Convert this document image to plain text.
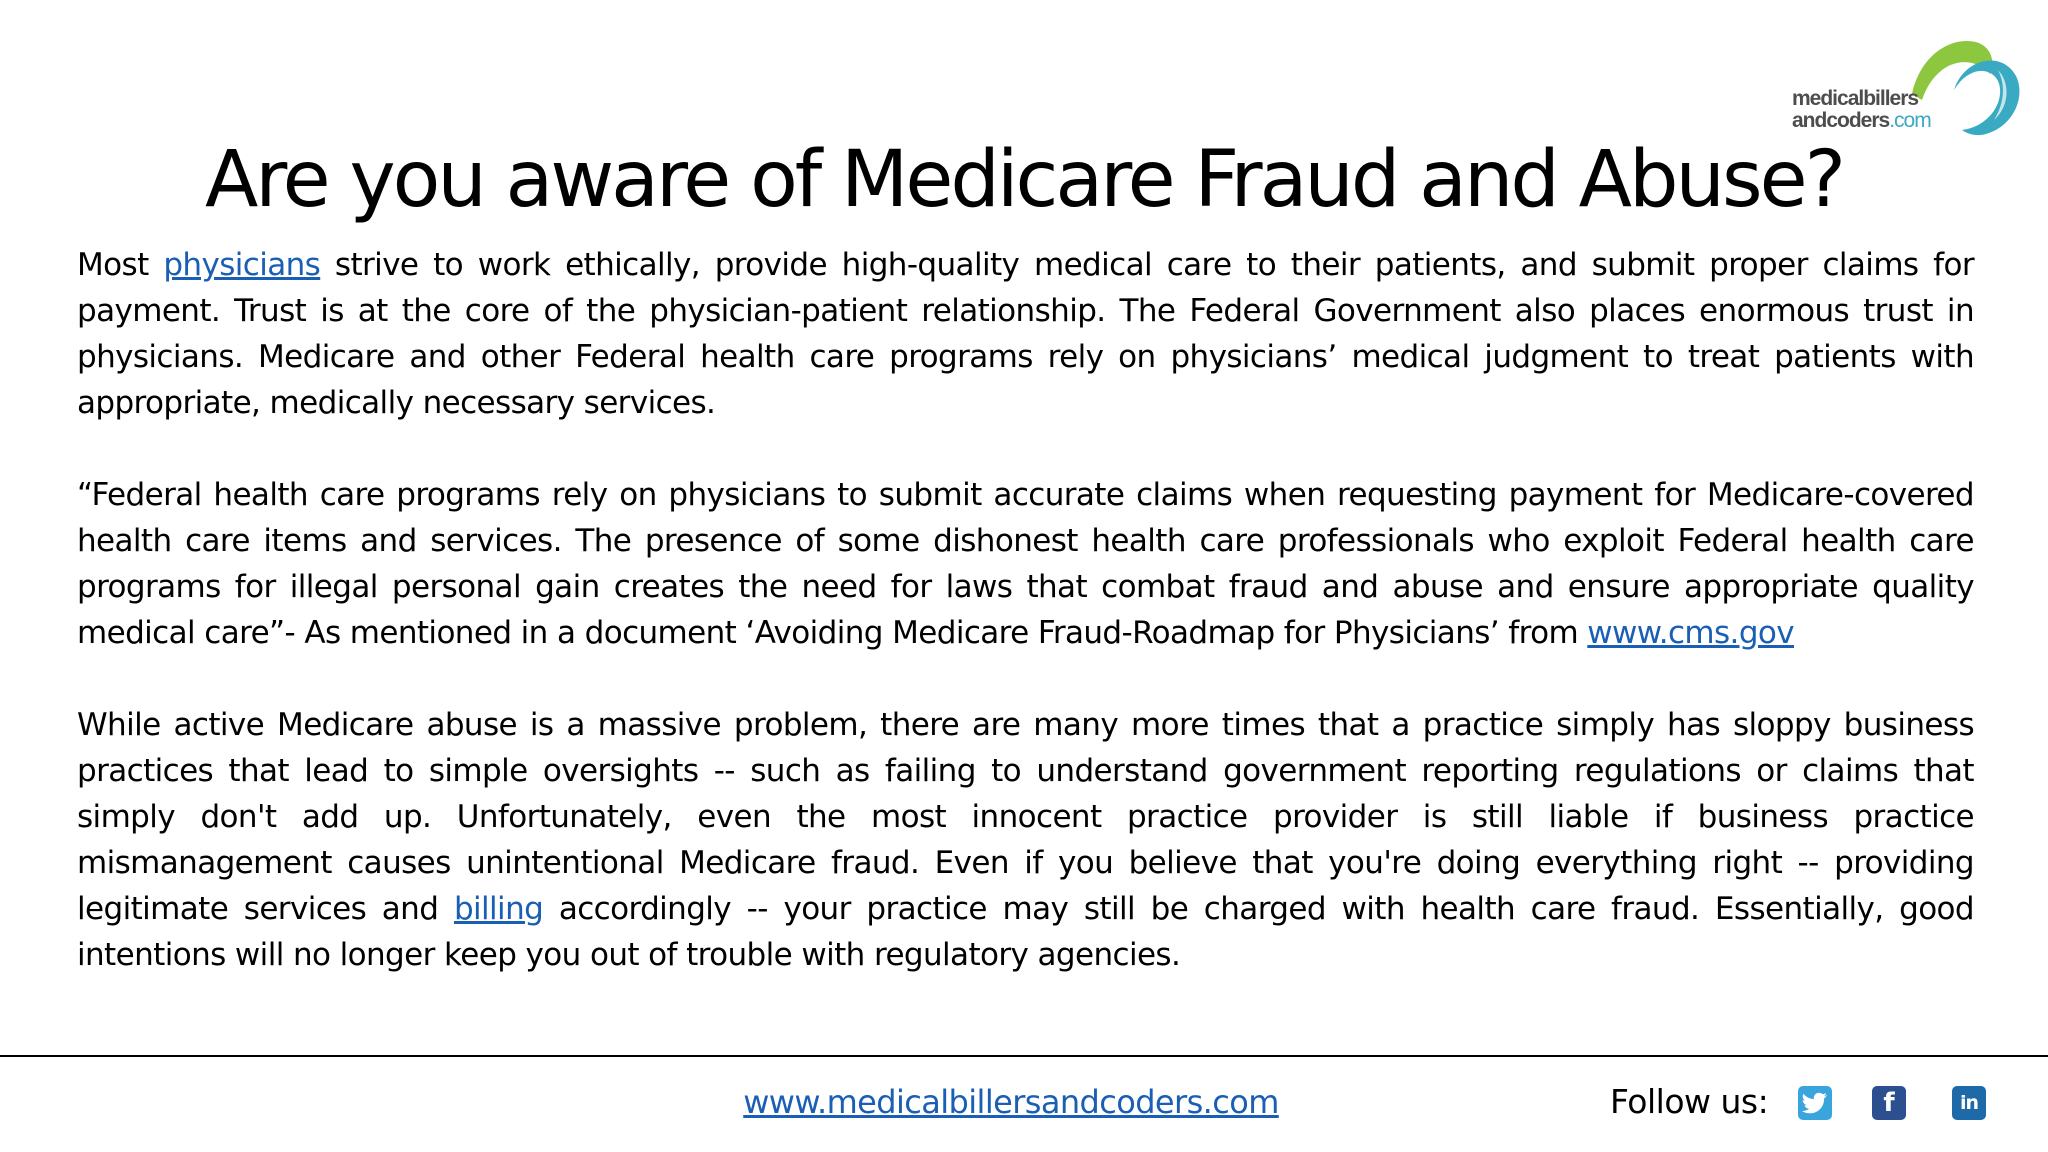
medicalbillers
andcoders.com
Are you aware of Medicare Fraud and Abuse?

Most physicians strive to work ethically, provide high-quality medical care to their patients, and submit proper claims for payment. Trust is at the core of the physician-patient relationship. The Federal Government also places enormous trust in physicians. Medicare and other Federal health care programs rely on physicians’ medical judgment to treat patients with appropriate, medically necessary services.

“Federal health care programs rely on physicians to submit accurate claims when requesting payment for Medicare-covered health care items and services. The presence of some dishonest health care professionals who exploit Federal health care programs for illegal personal gain creates the need for laws that combat fraud and abuse and ensure appropriate quality medical care”- As mentioned in a document ‘Avoiding Medicare Fraud-Roadmap for Physicians’ from www.cms.gov

While active Medicare abuse is a massive problem, there are many more times that a practice simply has sloppy business practices that lead to simple oversights -- such as failing to understand government reporting regulations or claims that simply don't add up. Unfortunately, even the most innocent practice provider is still liable if business practice mismanagement causes unintentional Medicare fraud. Even if you believe that you're doing everything right -- providing legitimate services and billing accordingly -- your practice may still be charged with health care fraud. Essentially, good intentions will no longer keep you out of trouble with regulatory agencies.

www.medicalbillersandcoders.com	Follow us:	f	in
